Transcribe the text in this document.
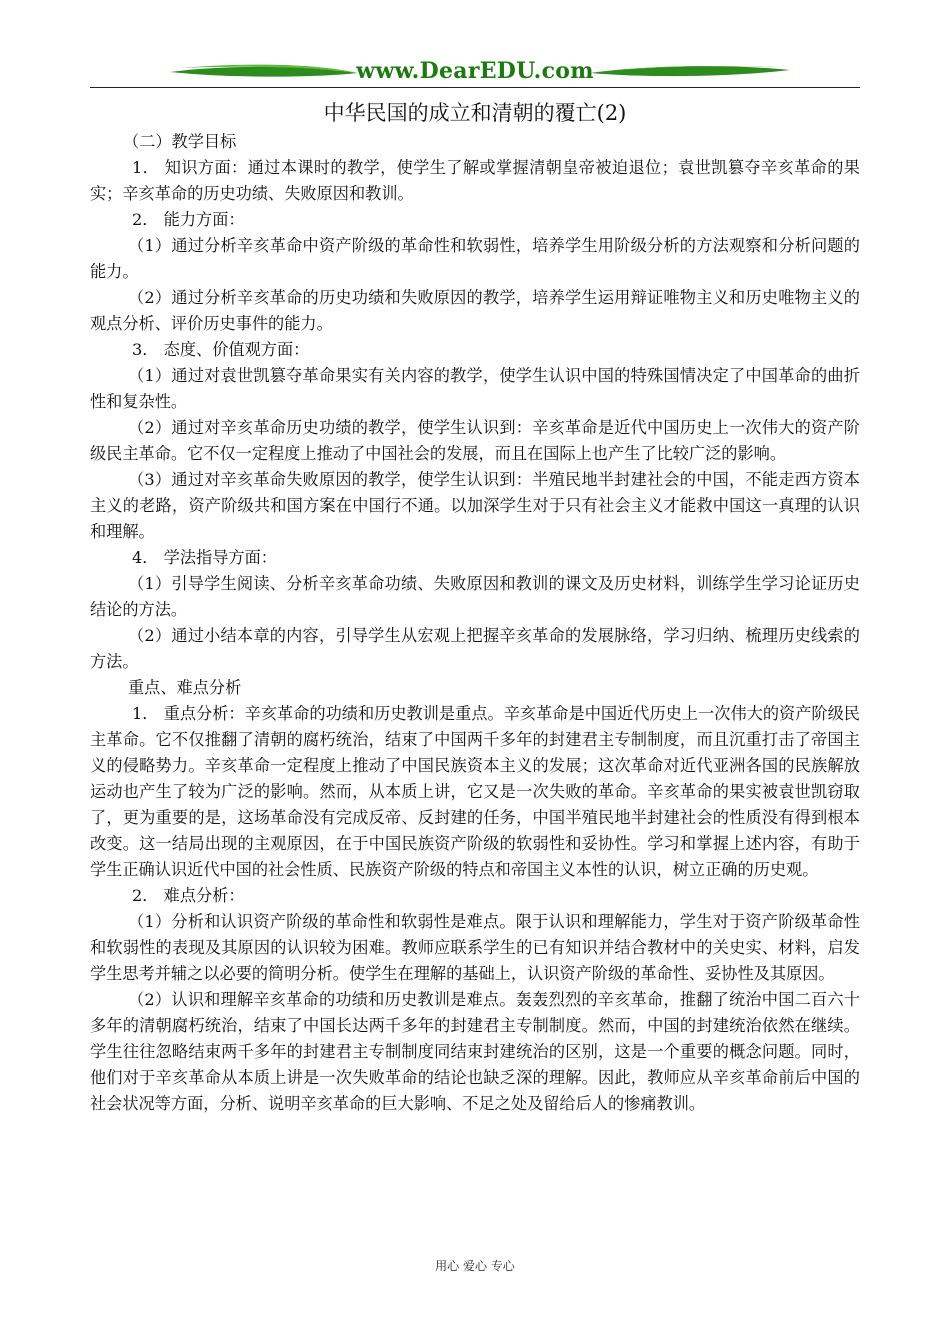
www.DearEDU.com
中华民国的成立和清朝的覆亡(2)

（二）教学目标

1． 知识方面：通过本课时的教学，使学生了解或掌握清朝皇帝被迫退位；袁世凯篡夺辛亥革命的果实；辛亥革命的历史功绩、失败原因和教训。

2． 能力方面：

（1）通过分析辛亥革命中资产阶级的革命性和软弱性，培养学生用阶级分析的方法观察和分析问题的能力。

（2）通过分析辛亥革命的历史功绩和失败原因的教学，培养学生运用辩证唯物主义和历史唯物主义的观点分析、评价历史事件的能力。

3． 态度、价值观方面：

（1）通过对袁世凯篡夺革命果实有关内容的教学，使学生认识中国的特殊国情决定了中国革命的曲折性和复杂性。

（2）通过对辛亥革命历史功绩的教学，使学生认识到：辛亥革命是近代中国历史上一次伟大的资产阶级民主革命。它不仅一定程度上推动了中国社会的发展，而且在国际上也产生了比较广泛的影响。

（3）通过对辛亥革命失败原因的教学，使学生认识到：半殖民地半封建社会的中国，不能走西方资本主义的老路，资产阶级共和国方案在中国行不通。以加深学生对于只有社会主义才能救中国这一真理的认识和理解。

4． 学法指导方面：

（1）引导学生阅读、分析辛亥革命功绩、失败原因和教训的课文及历史材料，训练学生学习论证历史结论的方法。

（2）通过小结本章的内容，引导学生从宏观上把握辛亥革命的发展脉络，学习归纳、梳理历史线索的方法。

重点、难点分析

1． 重点分析：辛亥革命的功绩和历史教训是重点。辛亥革命是中国近代历史上一次伟大的资产阶级民主革命。它不仅推翻了清朝的腐朽统治，结束了中国两千多年的封建君主专制制度，而且沉重打击了帝国主义的侵略势力。辛亥革命一定程度上推动了中国民族资本主义的发展；这次革命对近代亚洲各国的民族解放运动也产生了较为广泛的影响。然而，从本质上讲，它又是一次失败的革命。辛亥革命的果实被袁世凯窃取了，更为重要的是，这场革命没有完成反帝、反封建的任务，中国半殖民地半封建社会的性质没有得到根本改变。这一结局出现的主观原因，在于中国民族资产阶级的软弱性和妥协性。学习和掌握上述内容，有助于学生正确认识近代中国的社会性质、民族资产阶级的特点和帝国主义本性的认识，树立正确的历史观。

2． 难点分析：

（1）分析和认识资产阶级的革命性和软弱性是难点。限于认识和理解能力，学生对于资产阶级革命性和软弱性的表现及其原因的认识较为困难。教师应联系学生的已有知识并结合教材中的关史实、材料，启发学生思考并辅之以必要的简明分析。使学生在理解的基础上，认识资产阶级的革命性、妥协性及其原因。

（2）认识和理解辛亥革命的功绩和历史教训是难点。轰轰烈烈的辛亥革命，推翻了统治中国二百六十多年的清朝腐朽统治，结束了中国长达两千多年的封建君主专制制度。然而，中国的封建统治依然在继续。学生往往忽略结束两千多年的封建君主专制制度同结束封建统治的区别，这是一个重要的概念问题。同时，他们对于辛亥革命从本质上讲是一次失败革命的结论也缺乏深的理解。因此，教师应从辛亥革命前后中国的社会状况等方面，分析、说明辛亥革命的巨大影响、不足之处及留给后人的惨痛教训。

用心 爱心 专心
